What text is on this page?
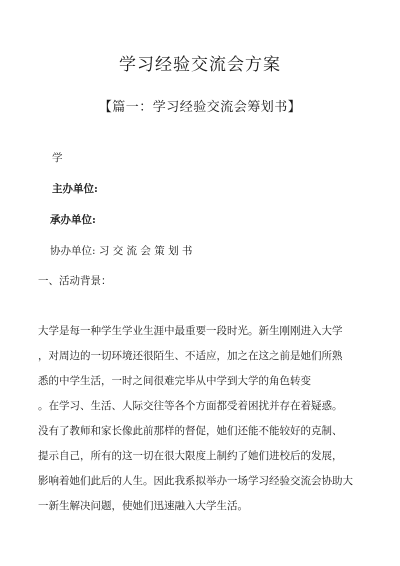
学习经验交流会方案
【篇一：学习经验交流会筹划书】
学
主办单位:
承办单位:
协办单位: 习 交 流 会 策 划 书
一、活动背景：
大学是每一种学生学业生涯中最重要一段时光。新生刚刚进入大学
，对周边的一切环境还很陌生、不适应，加之在这之前是她们所熟
悉的中学生活，一时之间很难完毕从中学到大学的角色转变
。在学习、生活、人际交往等各个方面都受着困扰并存在着疑惑。
没有了教师和家长像此前那样的督促，她们还能不能较好的克制、
提示自己，所有的这一切在很大限度上制约了她们进校后的发展，
影响着她们此后的人生。因此我系拟举办一场学习经验交流会协助大
一新生解决问题，使她们迅速融入大学生活。
